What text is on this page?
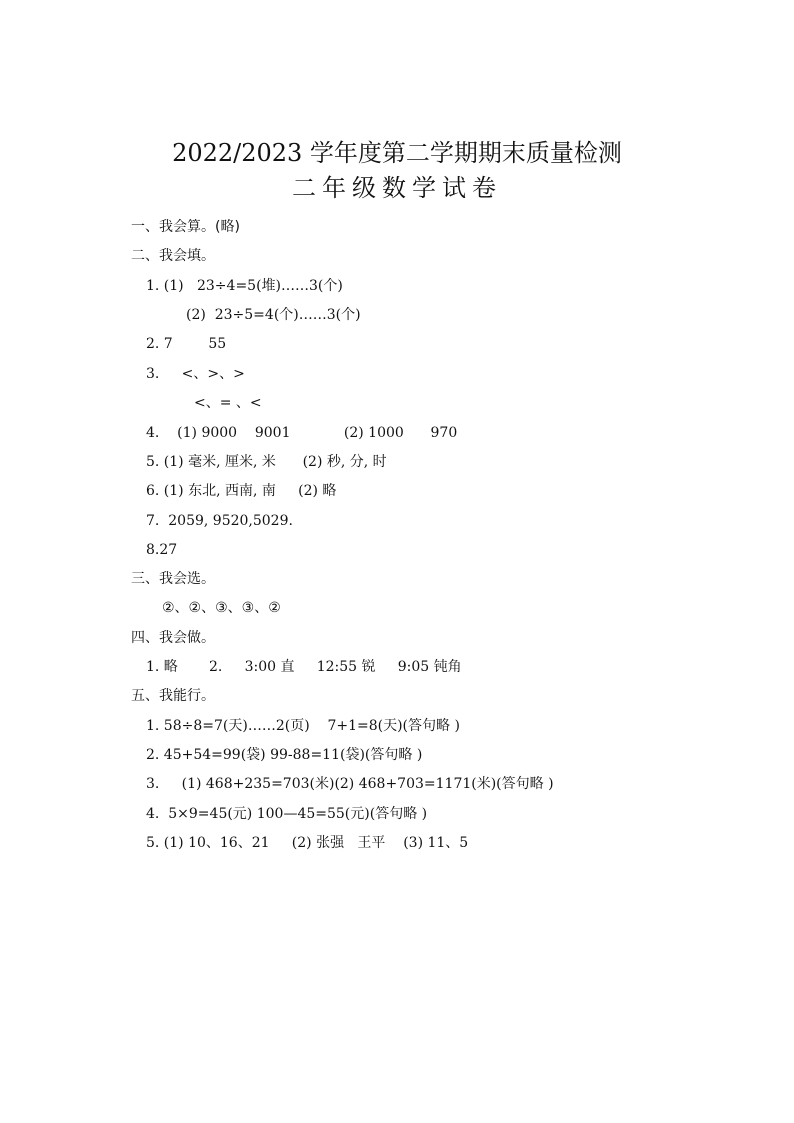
2022/2023 学年度第二学期期末质量检测
二年级数学试卷
一、我会算。(略)
二、我会填。
1. (1)   23÷4=5(堆)……3(个)
(2)  23÷5=4(个)……3(个)
2. 7        55
3.     <、>、>
<、= 、<
4.    (1) 9000    9001            (2) 1000      970
5. (1) 毫米, 厘米, 米      (2) 秒, 分, 时
6. (1) 东北, 西南, 南     (2) 略
7.  2059, 9520,5029.
8.27
三、我会选。
②、②、③、③、②
四、我会做。
1. 略       2.     3:00 直     12:55 锐     9:05 钝角
五、我能行。
1. 58÷8=7(天)……2(页)    7+1=8(天)(答句略 )
2. 45+54=99(袋) 99-88=11(袋)(答句略 )
3.     (1) 468+235=703(米)(2) 468+703=1171(米)(答句略 )
4.  5×9=45(元) 100—45=55(元)(答句略 )
5. (1) 10、16、21     (2) 张强   王平    (3) 11、5
